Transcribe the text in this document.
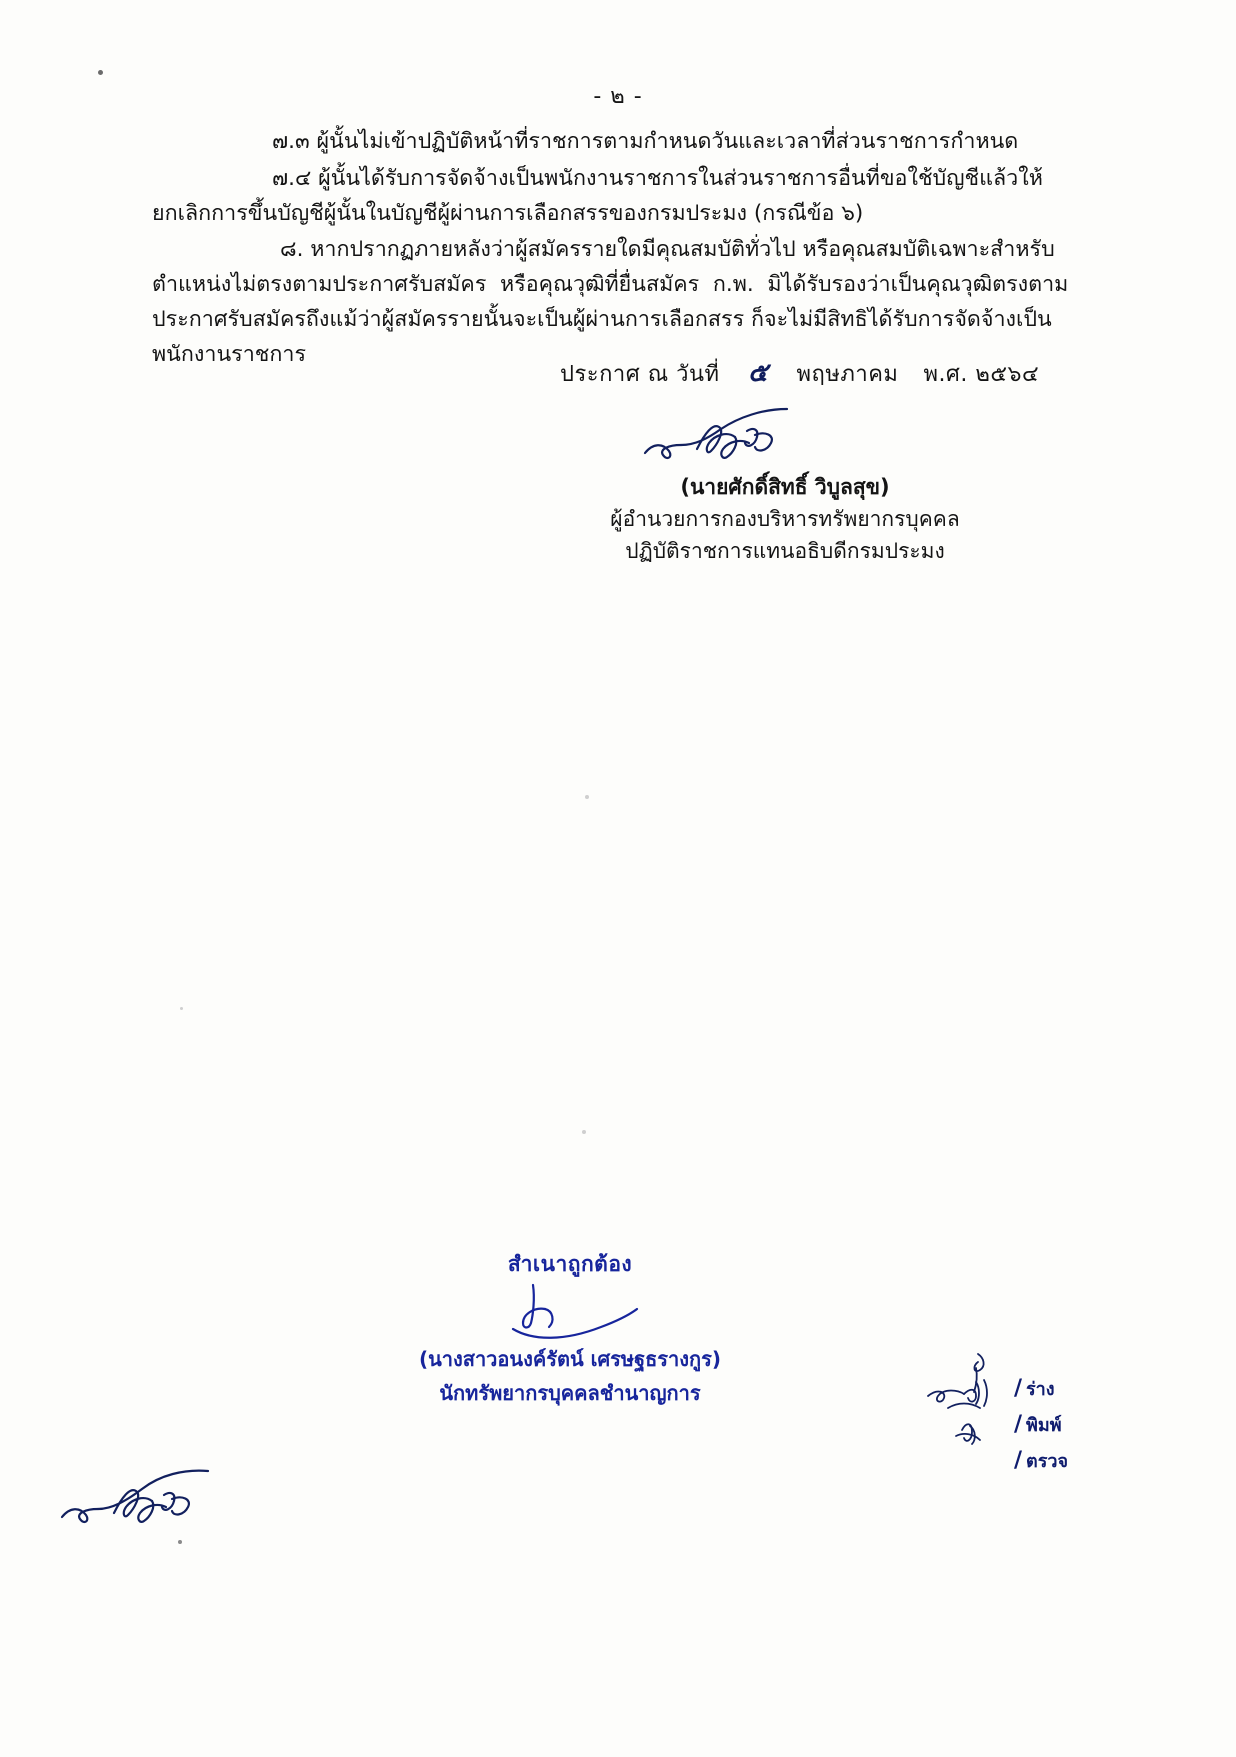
- ๒ -

๗.๓ ผู้นั้นไม่เข้าปฏิบัติหน้าที่ราชการตามกำหนดวันและเวลาที่ส่วนราชการกำหนด

๗.๔ ผู้นั้นได้รับการจัดจ้างเป็นพนักงานราชการในส่วนราชการอื่นที่ขอใช้บัญชีแล้วให้ยกเลิกการขึ้นบัญชีผู้นั้นในบัญชีผู้ผ่านการเลือกสรรของกรมประมง (กรณีข้อ ๖)

๘. หากปรากฏภายหลังว่าผู้สมัครรายใดมีคุณสมบัติทั่วไป หรือคุณสมบัติเฉพาะสำหรับตำแหน่งไม่ตรงตามประกาศรับสมัคร  หรือคุณวุฒิที่ยื่นสมัคร  ก.พ.  มิได้รับรองว่าเป็นคุณวุฒิตรงตามประกาศรับสมัครถึงแม้ว่าผู้สมัครรายนั้นจะเป็นผู้ผ่านการเลือกสรร ก็จะไม่มีสิทธิได้รับการจัดจ้างเป็นพนักงานราชการ

ประกาศ ณ วันที่ ๕ พฤษภาคม พ.ศ. ๒๕๖๔
(นายศักดิ์สิทธิ์ วิบูลสุข)
ผู้อำนวยการกองบริหารทรัพยากรบุคคล
ปฏิบัติราชการแทนอธิบดีกรมประมง
สำเนาถูกต้อง
(นางสาวอนงค์รัตน์ เศรษฐธรางกูร)
นักทรัพยากรบุคคลชำนาญการ	/ ร่าง
/ พิมพ์
/ ตรวจ
